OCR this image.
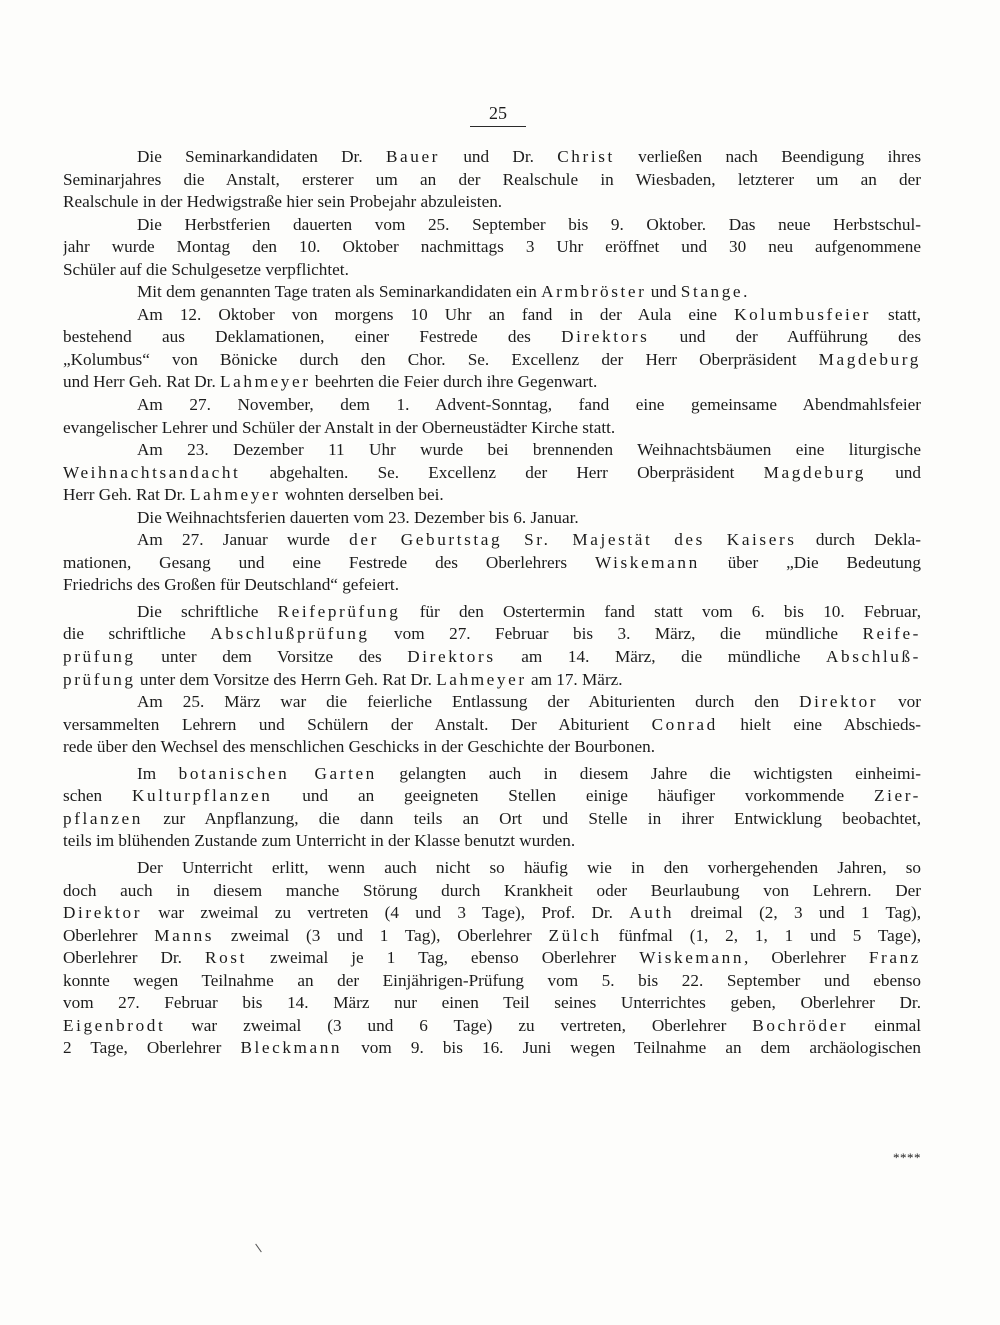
25
Die Seminarkandidaten Dr. Bauer und Dr. Christ verließen nach Beendigung ihres
Seminarjahres die Anstalt, ersterer um an der Realschule in Wiesbaden, letzterer um an der
Realschule in der Hedwigstraße hier sein Probejahr abzuleisten.
Die Herbstferien dauerten vom 25. September bis 9. Oktober. Das neue Herbstschul-
jahr wurde Montag den 10. Oktober nachmittags 3 Uhr eröffnet und 30 neu aufgenommene
Schüler auf die Schulgesetze verpflichtet.
Mit dem genannten Tage traten als Seminarkandidaten ein Armbröster und Stange.
Am 12. Oktober von morgens 10 Uhr an fand in der Aula eine Kolumbusfeier statt,
bestehend aus Deklamationen, einer Festrede des Direktors und der Aufführung des
„Kolumbus“ von Bönicke durch den Chor. Se. Excellenz der Herr Oberpräsident Magdeburg
und Herr Geh. Rat Dr. Lahmeyer beehrten die Feier durch ihre Gegenwart.
Am 27. November, dem 1. Advent-Sonntag, fand eine gemeinsame Abendmahlsfeier
evangelischer Lehrer und Schüler der Anstalt in der Oberneustädter Kirche statt.
Am 23. Dezember 11 Uhr wurde bei brennenden Weihnachtsbäumen eine liturgische
Weihnachtsandacht abgehalten. Se. Excellenz der Herr Oberpräsident Magdeburg und
Herr Geh. Rat Dr. Lahmeyer wohnten derselben bei.
Die Weihnachtsferien dauerten vom 23. Dezember bis 6. Januar.
Am 27. Januar wurde der Geburtstag Sr. Majestät des Kaisers durch Dekla-
mationen, Gesang und eine Festrede des Oberlehrers Wiskemann über „Die Bedeutung
Friedrichs des Großen für Deutschland“ gefeiert.
Die schriftliche Reifeprüfung für den Ostertermin fand statt vom 6. bis 10. Februar,
die schriftliche Abschlußprüfung vom 27. Februar bis 3. März, die mündliche Reife-
prüfung unter dem Vorsitze des Direktors am 14. März, die mündliche Abschluß-
prüfung unter dem Vorsitze des Herrn Geh. Rat Dr. Lahmeyer am 17. März.
Am 25. März war die feierliche Entlassung der Abiturienten durch den Direktor vor
versammelten Lehrern und Schülern der Anstalt. Der Abiturient Conrad hielt eine Abschieds-
rede über den Wechsel des menschlichen Geschicks in der Geschichte der Bourbonen.
Im botanischen Garten gelangten auch in diesem Jahre die wichtigsten einheimi-
schen Kulturpflanzen und an geeigneten Stellen einige häufiger vorkommende Zier-
pflanzen zur Anpflanzung, die dann teils an Ort und Stelle in ihrer Entwicklung beobachtet,
teils im blühenden Zustande zum Unterricht in der Klasse benutzt wurden.
Der Unterricht erlitt, wenn auch nicht so häufig wie in den vorhergehenden Jahren, so
doch auch in diesem manche Störung durch Krankheit oder Beurlaubung von Lehrern. Der
Direktor war zweimal zu vertreten (4 und 3 Tage), Prof. Dr. Auth dreimal (2, 3 und 1 Tag),
Oberlehrer Manns zweimal (3 und 1 Tag), Oberlehrer Zülch fünfmal (1, 2, 1, 1 und 5 Tage),
Oberlehrer Dr. Rost zweimal je 1 Tag, ebenso Oberlehrer Wiskemann, Oberlehrer Franz
konnte wegen Teilnahme an der Einjährigen-Prüfung vom 5. bis 22. September und ebenso
vom 27. Februar bis 14. März nur einen Teil seines Unterrichtes geben, Oberlehrer Dr.
Eigenbrodt war zweimal (3 und 6 Tage) zu vertreten, Oberlehrer Bochröder einmal
2 Tage, Oberlehrer Bleckmann vom 9. bis 16. Juni wegen Teilnahme an dem archäologischen
****
